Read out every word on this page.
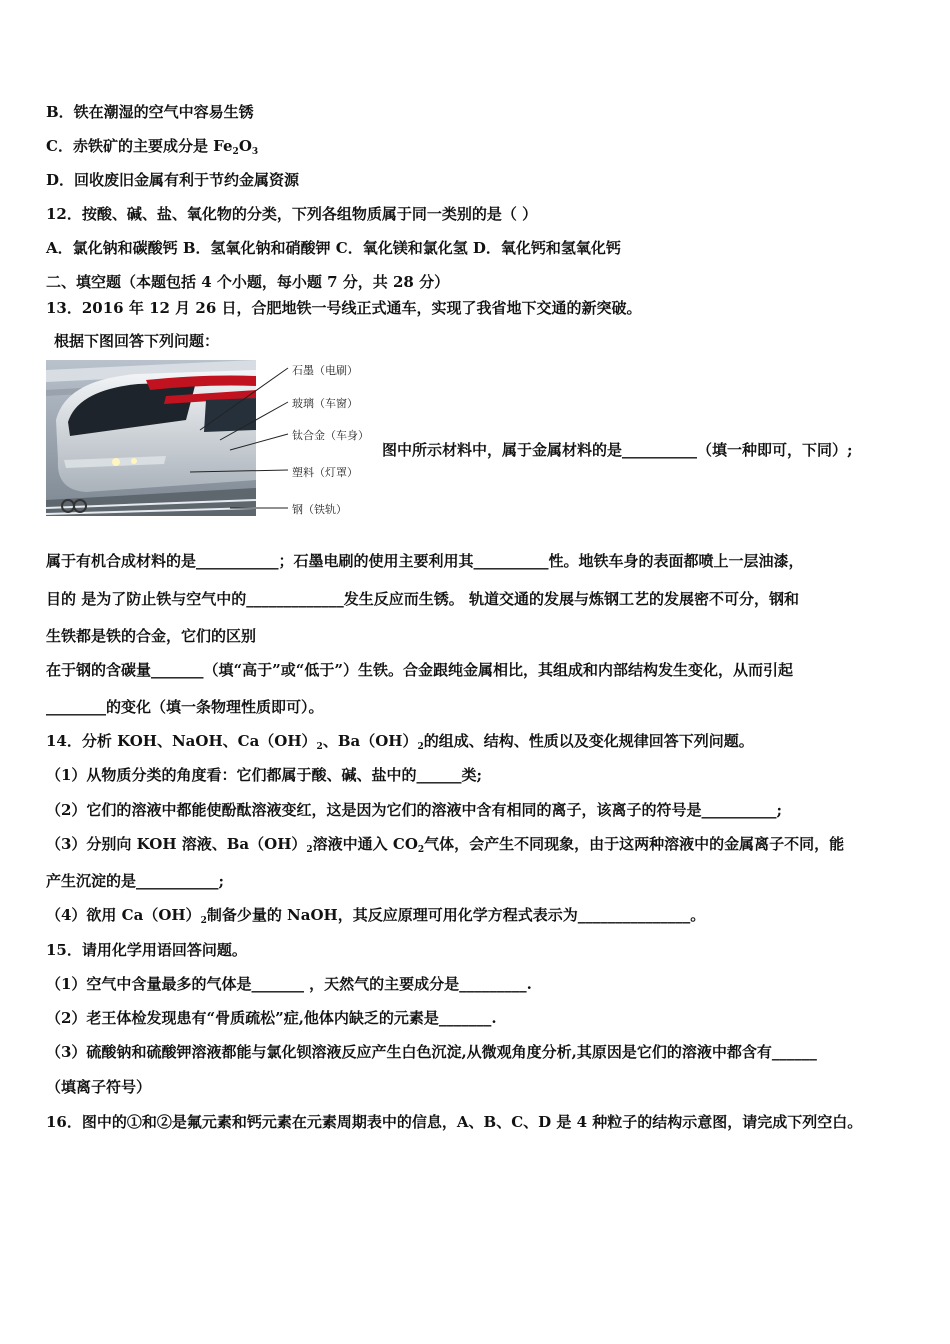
B．铁在潮湿的空气中容易生锈
C．赤铁矿的主要成分是 $Fe_2O_3$
D．回收废旧金属有利于节约金属资源
12．按酸、碱、盐、氧化物的分类，下列各组物质属于同一类别的是（ ）
A．氯化钠和碳酸钙 B．氢氧化钠和硝酸钾 C．氧化镁和氯化氢 D．氧化钙和氢氧化钙
二、填空题（本题包括 4 个小题，每小题 7 分，共 28 分）
13．2016 年 12 月 26 日，合肥地铁一号线正式通车，实现了我省地下交通的新突破。
根据下图回答下列问题：
石墨（电刷）
玻璃（车窗）
钛合金（车身）
塑料（灯罩）
钢（铁轨）
图中所示材料中，属于金属材料的是__________（填一种即可，下同）;
属于有机合成材料的是___________；石墨电刷的使用主要利用其__________性。地铁车身的表面都喷上一层油漆，
目的 是为了防止铁与空气中的_____________发生反应而生锈。 轨道交通的发展与炼钢工艺的发展密不可分，钢和
生铁都是铁的合金，它们的区别
在于钢的含碳量_______（填“高于”或“低于”）生铁。合金跟纯金属相比，其组成和内部结构发生变化，从而引起
________的变化（填一条物理性质即可）。
14．分析 KOH、NaOH、$Ca(OH)_2$、$Ba(OH)_2$的组成、结构、性质以及变化规律回答下列问题。
（1）从物质分类的角度看：它们都属于酸、碱、盐中的______类;
（2）它们的溶液中都能使酚酞溶液变红，这是因为它们的溶液中含有相同的离子，该离子的符号是__________;
（3）分别向 KOH 溶液、$Ba(OH)_2$溶液中通入 $CO_2$气体，会产生不同现象，由于这两种溶液中的金属离子不同，能
产生沉淀的是___________;
（4）欲用 $Ca(OH)_2$制备少量的 NaOH，其反应原理可用化学方程式表示为_______________。
15．请用化学用语回答问题。
（1）空气中含量最多的气体是_______ ，天然气的主要成分是_________.
（2）老王体检发现患有“骨质疏松”症,他体内缺乏的元素是_______.
（3）硫酸钠和硫酸钾溶液都能与氯化钡溶液反应产生白色沉淀,从微观角度分析,其原因是它们的溶液中都含有______
（填离子符号）
16．图中的①和②是氟元素和钙元素在元素周期表中的信息，A、B、C、D 是 4 种粒子的结构示意图，请完成下列空白。
